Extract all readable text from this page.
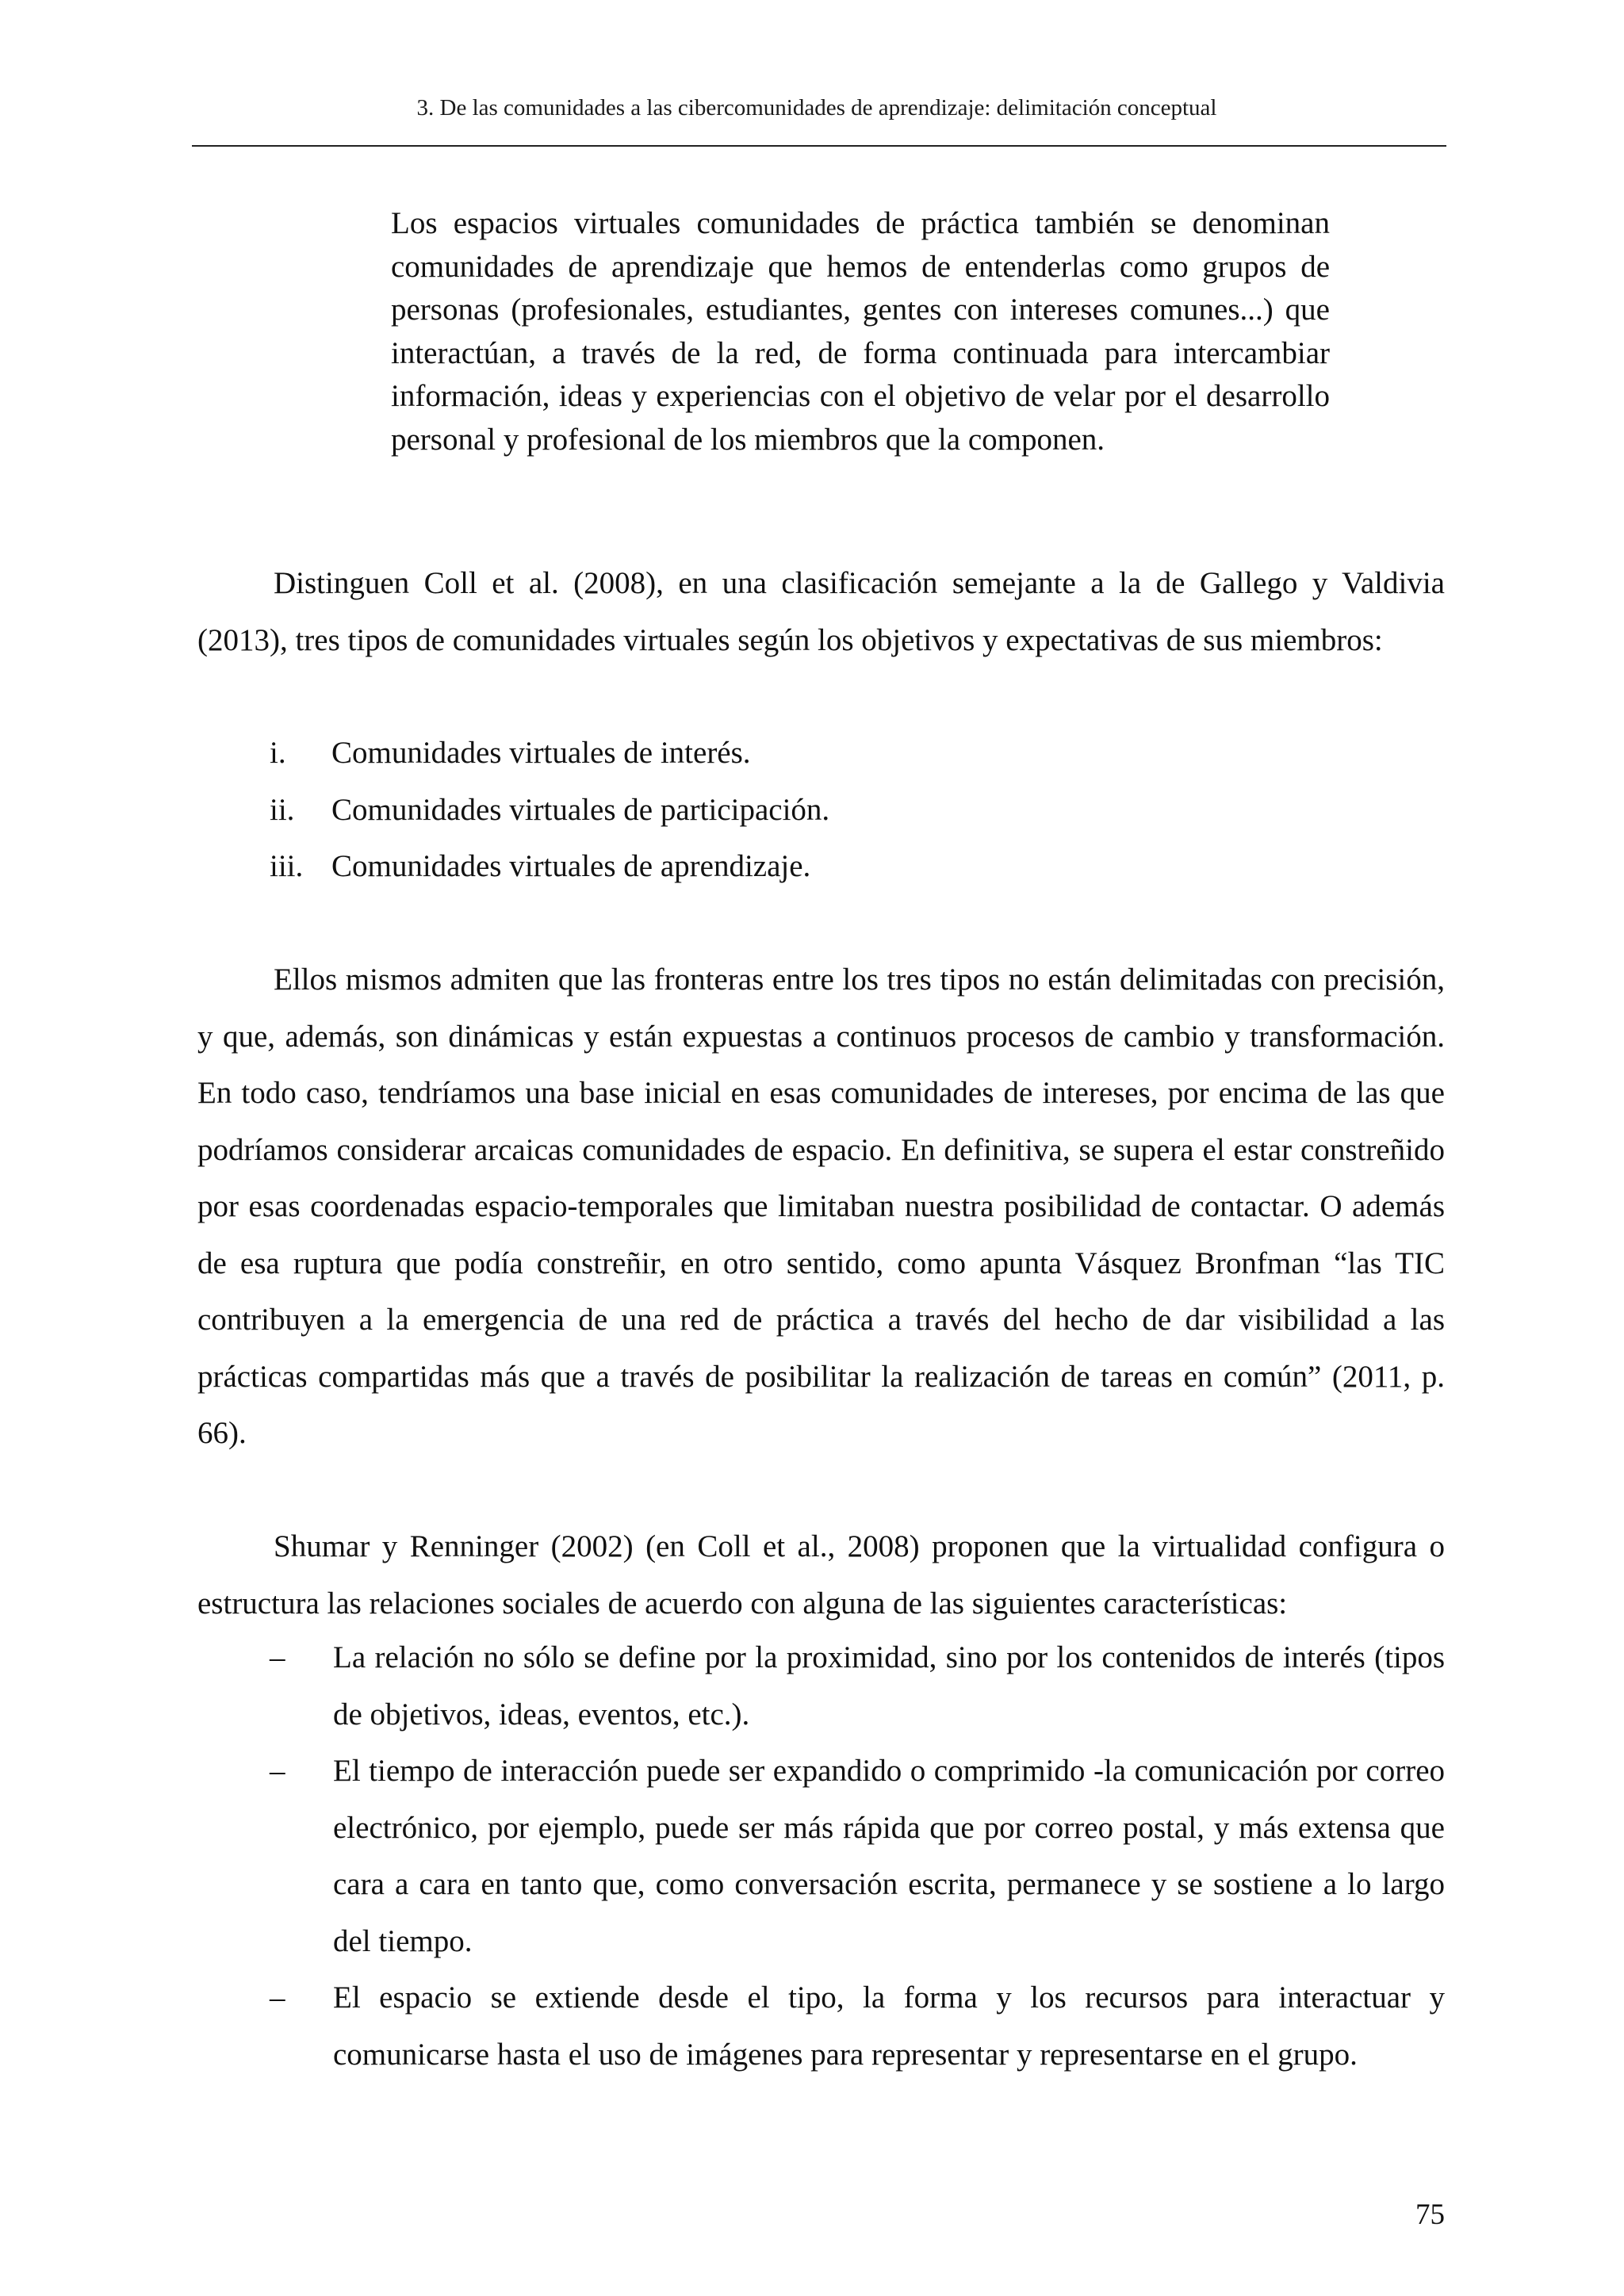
3. De las comunidades a las cibercomunidades de aprendizaje: delimitación conceptual
Los espacios virtuales comunidades de práctica también se denominan comunidades de aprendizaje que hemos de entenderlas como grupos de personas (profesionales, estudiantes, gentes con intereses comunes...) que interactúan, a través de la red, de forma continuada para intercambiar información, ideas y experiencias con el objetivo de velar por el desarrollo personal y profesional de los miembros que la componen.
Distinguen Coll et al. (2008), en una clasificación semejante a la de Gallego y Valdivia (2013), tres tipos de comunidades virtuales según los objetivos y expectativas de sus miembros:
i. Comunidades virtuales de interés.
ii. Comunidades virtuales de participación.
iii. Comunidades virtuales de aprendizaje.
Ellos mismos admiten que las fronteras entre los tres tipos no están delimitadas con precisión, y que, además, son dinámicas y están expuestas a continuos procesos de cambio y transformación. En todo caso, tendríamos una base inicial en esas comunidades de intereses, por encima de las que podríamos considerar arcaicas comunidades de espacio. En definitiva, se supera el estar constreñido por esas coordenadas espacio-temporales que limitaban nuestra posibilidad de contactar. O además de esa ruptura que podía constreñir, en otro sentido, como apunta Vásquez Bronfman “las TIC contribuyen a la emergencia de una red de práctica a través del hecho de dar visibilidad a las prácticas compartidas más que a través de posibilitar la realización de tareas en común” (2011, p. 66).
Shumar y Renninger (2002) (en Coll et al., 2008) proponen que la virtualidad configura o estructura las relaciones sociales de acuerdo con alguna de las siguientes características:
– La relación no sólo se define por la proximidad, sino por los contenidos de interés (tipos de objetivos, ideas, eventos, etc.).
– El tiempo de interacción puede ser expandido o comprimido -la comunicación por correo electrónico, por ejemplo, puede ser más rápida que por correo postal, y más extensa que cara a cara en tanto que, como conversación escrita, permanece y se sostiene a lo largo del tiempo.
– El espacio se extiende desde el tipo, la forma y los recursos para interactuar y comunicarse hasta el uso de imágenes para representar y representarse en el grupo.
75
